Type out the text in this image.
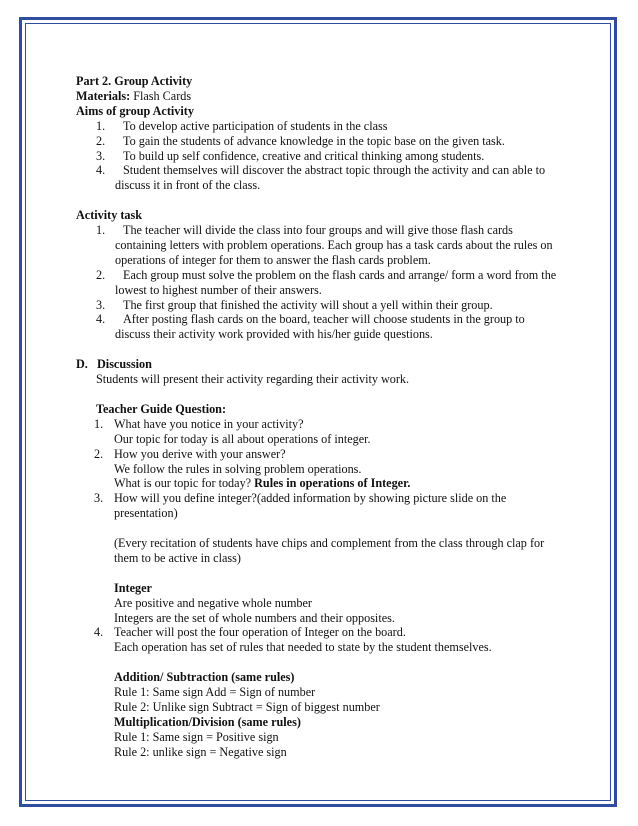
Part 2. Group Activity
Materials: Flash Cards
Aims of group Activity
1. To develop active participation of students in the class
2. To gain the students of advance knowledge in the topic base on the given task.
3. To build up self confidence, creative and critical thinking among students.
4. Student themselves will discover the abstract topic through the activity and can able to
discuss it in front of the class.
Activity task
1. The teacher will divide the class into four groups and will give those flash cards
containing letters with problem operations. Each group has a task cards about the rules on
operations of integer for them to answer the flash cards problem.
2. Each group must solve the problem on the flash cards and arrange/ form a word from the
lowest to highest number of their answers.
3. The first group that finished the activity will shout a yell within their group.
4. After posting flash cards on the board, teacher will choose students in the group to
discuss their activity work provided with his/her guide questions.
D. Discussion
Students will present their activity regarding their activity work.
Teacher Guide Question:
1. What have you notice in your activity?
Our topic for today is all about operations of integer.
2. How you derive with your answer?
We follow the rules in solving problem operations.
What is our topic for today? Rules in operations of Integer.
3. How will you define integer?(added information by showing picture slide on the
presentation)
(Every recitation of students have chips and complement from the class through clap for
them to be active in class)
Integer
Are positive and negative whole number
Integers are the set of whole numbers and their opposites.
4. Teacher will post the four operation of Integer on the board.
Each operation has set of rules that needed to state by the student themselves.
Addition/ Subtraction (same rules)
Rule 1: Same sign Add = Sign of number
Rule 2: Unlike sign Subtract = Sign of biggest number
Multiplication/Division (same rules)
Rule 1: Same sign = Positive sign
Rule 2: unlike sign = Negative sign
